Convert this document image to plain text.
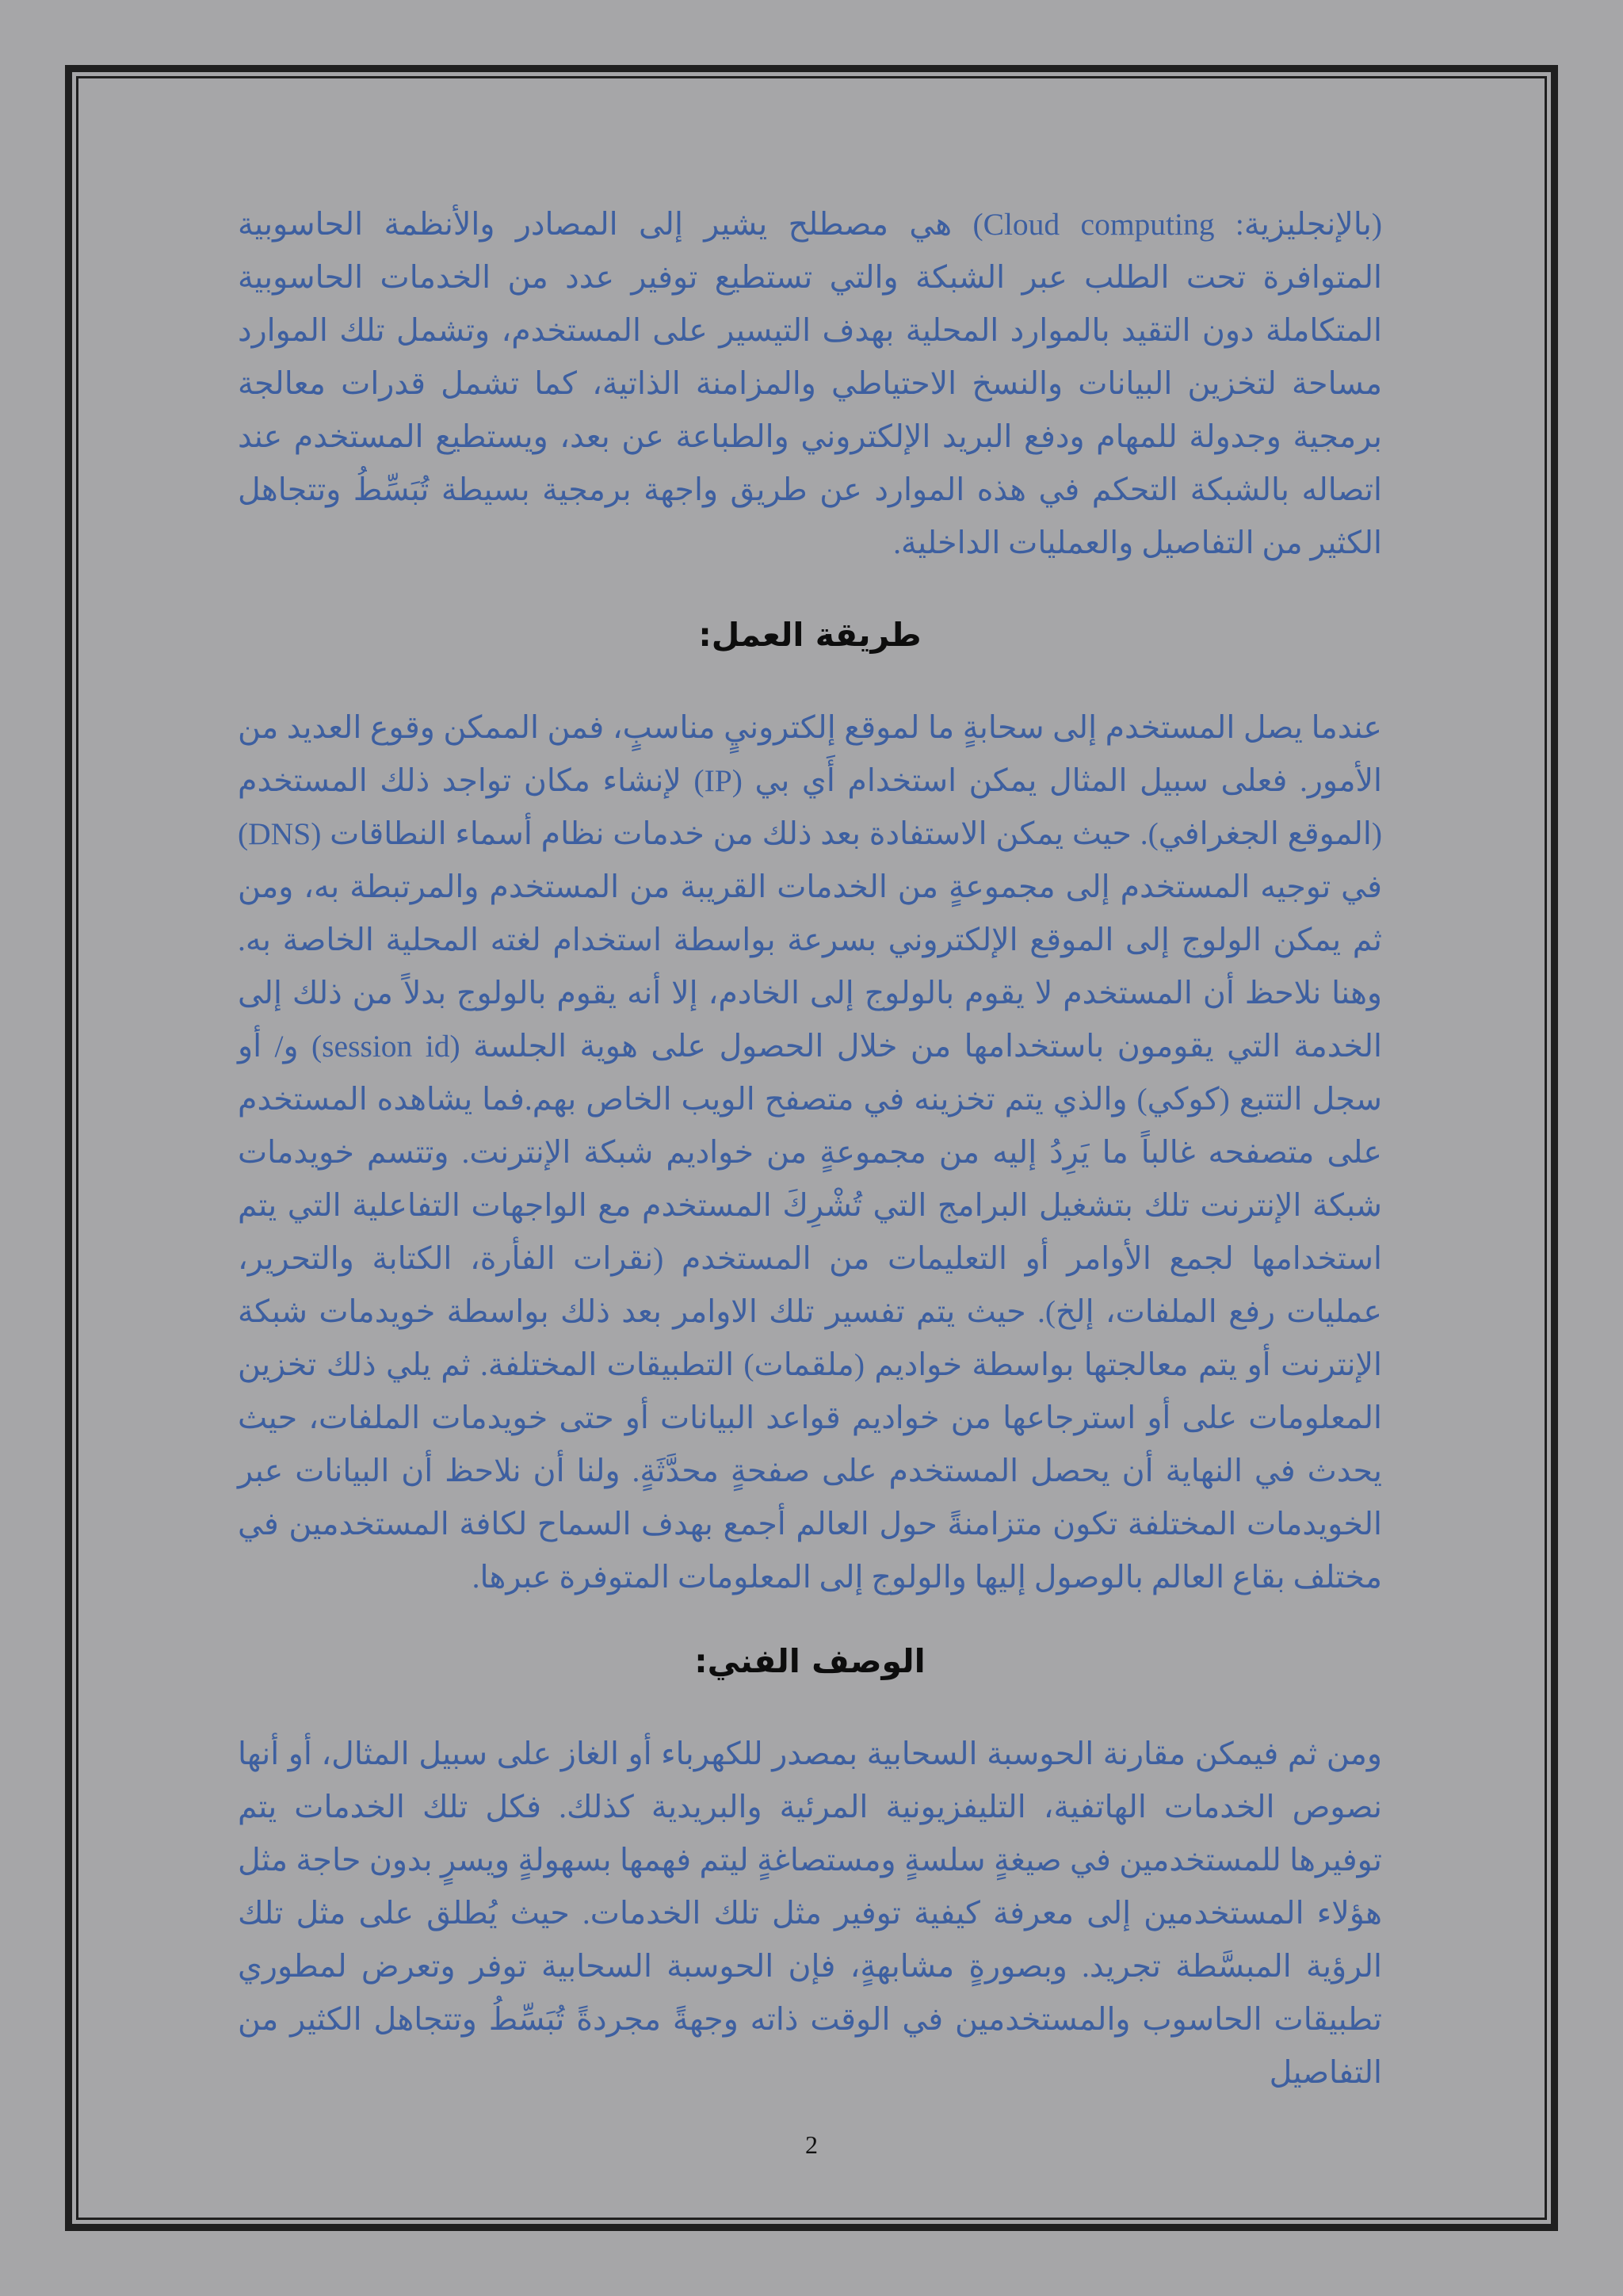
(بالإنجليزية: Cloud computing) هي مصطلح يشير إلى المصادر والأنظمة الحاسوبية المتوافرة تحت الطلب عبر الشبكة والتي تستطيع توفير عدد من الخدمات الحاسوبية المتكاملة دون التقيد بالموارد المحلية بهدف التيسير على المستخدم، وتشمل تلك الموارد مساحة لتخزين البيانات والنسخ الاحتياطي والمزامنة الذاتية، كما تشمل قدرات معالجة برمجية وجدولة للمهام ودفع البريد الإلكتروني والطباعة عن بعد، ويستطيع المستخدم عند اتصاله بالشبكة التحكم في هذه الموارد عن طريق واجهة برمجية بسيطة تُبَسِّطُ وتتجاهل الكثير من التفاصيل والعمليات الداخلية.

طريقة العمل:

عندما يصل المستخدم إلى سحابةٍ ما لموقع إلكترونيٍ مناسبٍ، فمن الممكن وقوع العديد من الأمور. فعلى سبيل المثال يمكن استخدام أَي بي (IP) لإنشاء مكان تواجد ذلك المستخدم (الموقع الجغرافي). حيث يمكن الاستفادة بعد ذلك من خدمات نظام أسماء النطاقات (DNS) في توجيه المستخدم إلى مجموعةٍ من الخدمات القريبة من المستخدم والمرتبطة به، ومن ثم يمكن الولوج إلى الموقع الإلكتروني بسرعة بواسطة استخدام لغته المحلية الخاصة به. وهنا نلاحظ أن المستخدم لا يقوم بالولوج إلى الخادم، إلا أنه يقوم بالولوج بدلاً من ذلك إلى الخدمة التي يقومون باستخدامها من خلال الحصول على هوية الجلسة (session id) و/ أو سجل التتبع (كوكي) والذي يتم تخزينه في متصفح الويب الخاص بهم.فما يشاهده المستخدم على متصفحه غالباً ما يَرِدُ إليه من مجموعةٍ من خواديم شبكة الإنترنت. وتتسم خويدمات شبكة الإنترنت تلك بتشغيل البرامج التي تُشْرِكَ المستخدم مع الواجهات التفاعلية التي يتم استخدامها لجمع الأوامر أو التعليمات من المستخدم (نقرات الفأرة، الكتابة والتحرير، عمليات رفع الملفات، إلخ). حيث يتم تفسير تلك الاوامر بعد ذلك بواسطة خويدمات شبكة الإنترنت أو يتم معالجتها بواسطة خواديم (ملقمات) التطبيقات المختلفة. ثم يلي ذلك تخزين المعلومات على أو استرجاعها من خواديم قواعد البيانات أو حتى خويدمات الملفات، حيث يحدث في النهاية أن يحصل المستخدم على صفحةٍ محدَّثَةٍ. ولنا أن نلاحظ أن البيانات عبر الخويدمات المختلفة تكون متزامنةً حول العالم أجمع بهدف السماح لكافة المستخدمين في مختلف بقاع العالم بالوصول إليها والولوج إلى المعلومات المتوفرة عبرها.

الوصف الفني:

ومن ثم فيمكن مقارنة الحوسبة السحابية بمصدر للكهرباء أو الغاز على سبيل المثال، أو أنها نصوص الخدمات الهاتفية، التليفزيونية المرئية والبريدية كذلك. فكل تلك الخدمات يتم توفيرها للمستخدمين في صيغةٍ سلسةٍ ومستصاغةٍ ليتم فهمها بسهولةٍ ويسرٍ بدون حاجة مثل هؤلاء المستخدمين إلى معرفة كيفية توفير مثل تلك الخدمات. حيث يُطلق على مثل تلك الرؤية المبسَّطة تجريد. وبصورةٍ مشابهةٍ، فإن الحوسبة السحابية توفر وتعرض لمطوري تطبيقات الحاسوب والمستخدمين في الوقت ذاته وجهةً مجردةً تُبَسِّطُ وتتجاهل الكثير من التفاصيل

2
